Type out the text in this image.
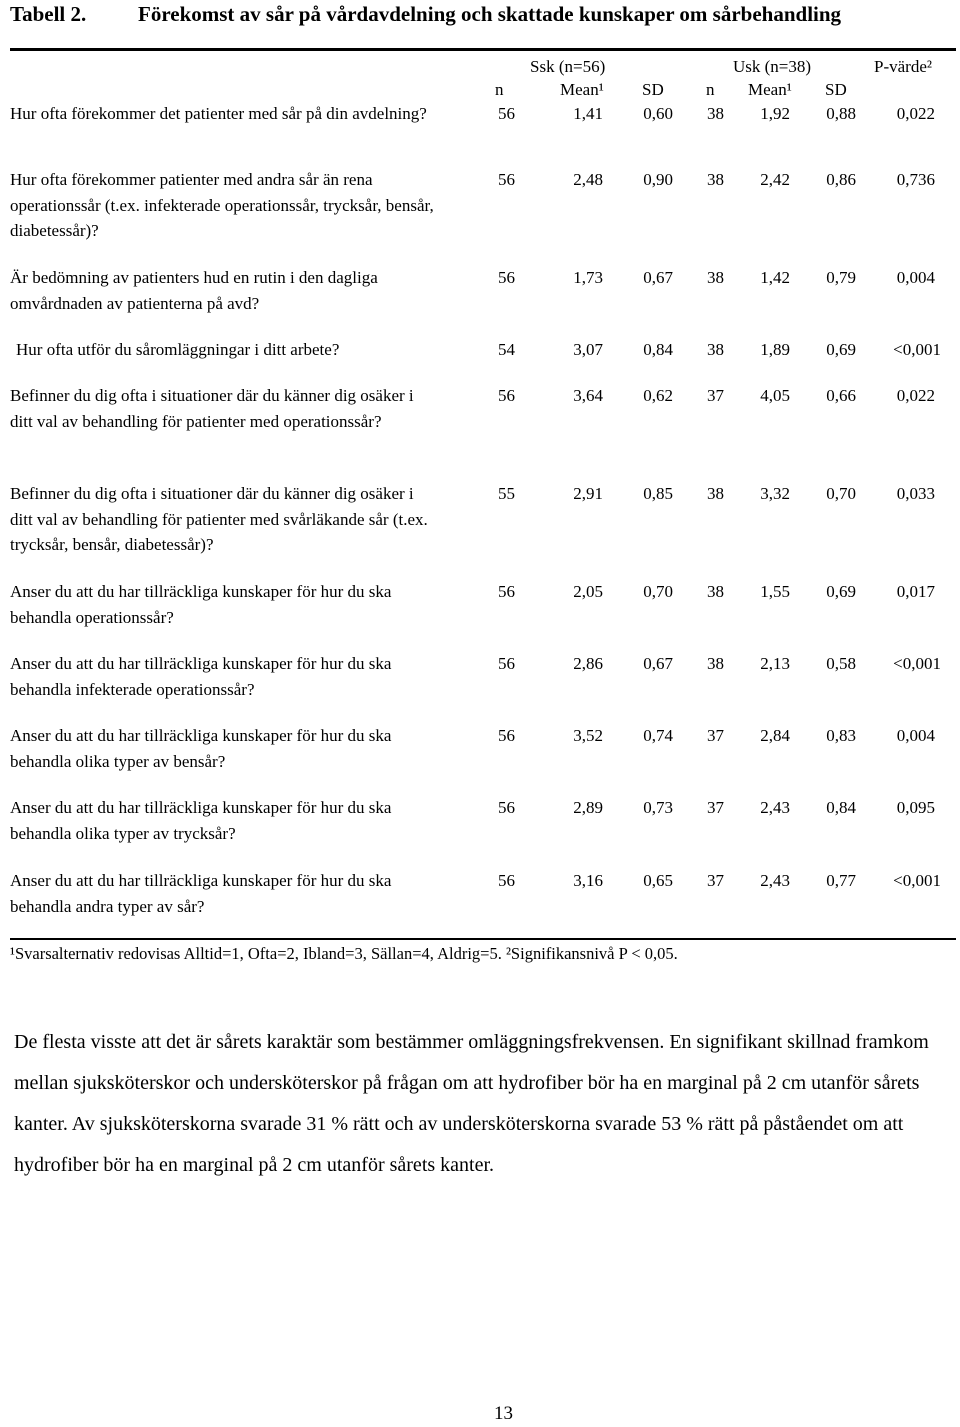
Tabell 2. Förekomst av sår på vårdavdelning och skattade kunskaper om sårbehandling
Ssk (n=56)	Usk (n=38)	P-värde²
n	Mean¹ SD n Mean¹ SD
Hur ofta förekommer det patienter med sår på din avdelning?	56	1,41	0,60	38	1,92	0,88	0,022
Hur ofta förekommer patienter med andra sår än rena operationssår (t.ex. infekterade operationssår, trycksår, bensår, diabetessår)?
56	2,48	0,90	38	2,42	0,86	0,736
Är bedömning av patienters hud en rutin i den dagliga omvårdnaden av patienterna på avd?
56	1,73	0,67	38	1,42	0,79	0,004
Hur ofta utför du såromläggningar i ditt arbete?	54	3,07	0,84	38	1,89	0,69	<0,001
Befinner du dig ofta i situationer där du känner dig osäker i ditt val av behandling för patienter med operationssår?
56	3,64	0,62	37	4,05	0,66	0,022
Befinner du dig ofta i situationer där du känner dig osäker i ditt val av behandling för patienter med svårläkande sår (t.ex. trycksår, bensår, diabetessår)?
55	2,91	0,85	38	3,32	0,70	0,033
Anser du att du har tillräckliga kunskaper för hur du ska behandla operationssår?
56	2,05	0,70	38	1,55	0,69	0,017
Anser du att du har tillräckliga kunskaper för hur du ska behandla infekterade operationssår?
56	2,86	0,67	38	2,13	0,58	<0,001
Anser du att du har tillräckliga kunskaper för hur du ska behandla olika typer av bensår?
56	3,52	0,74	37	2,84	0,83	0,004
Anser du att du har tillräckliga kunskaper för hur du ska behandla olika typer av trycksår?
56	2,89	0,73	37	2,43	0,84	0,095
Anser du att du har tillräckliga kunskaper för hur du ska behandla andra typer av sår?
56	3,16	0,65	37	2,43	0,77	<0,001
¹Svarsalternativ redovisas Alltid=1, Ofta=2, Ibland=3, Sällan=4, Aldrig=5. ²Signifikansnivå P < 0,05.
De flesta visste att det är sårets karaktär som bestämmer omläggningsfrekvensen. En signifikant skillnad framkom mellan sjuksköterskor och undersköterskor på frågan om att hydrofiber bör ha en marginal på 2 cm utanför sårets kanter. Av sjuksköterskorna svarade 31 % rätt och av undersköterskorna svarade 53 % rätt på påståendet om att hydrofiber bör ha en marginal på 2 cm utanför sårets kanter.
13
